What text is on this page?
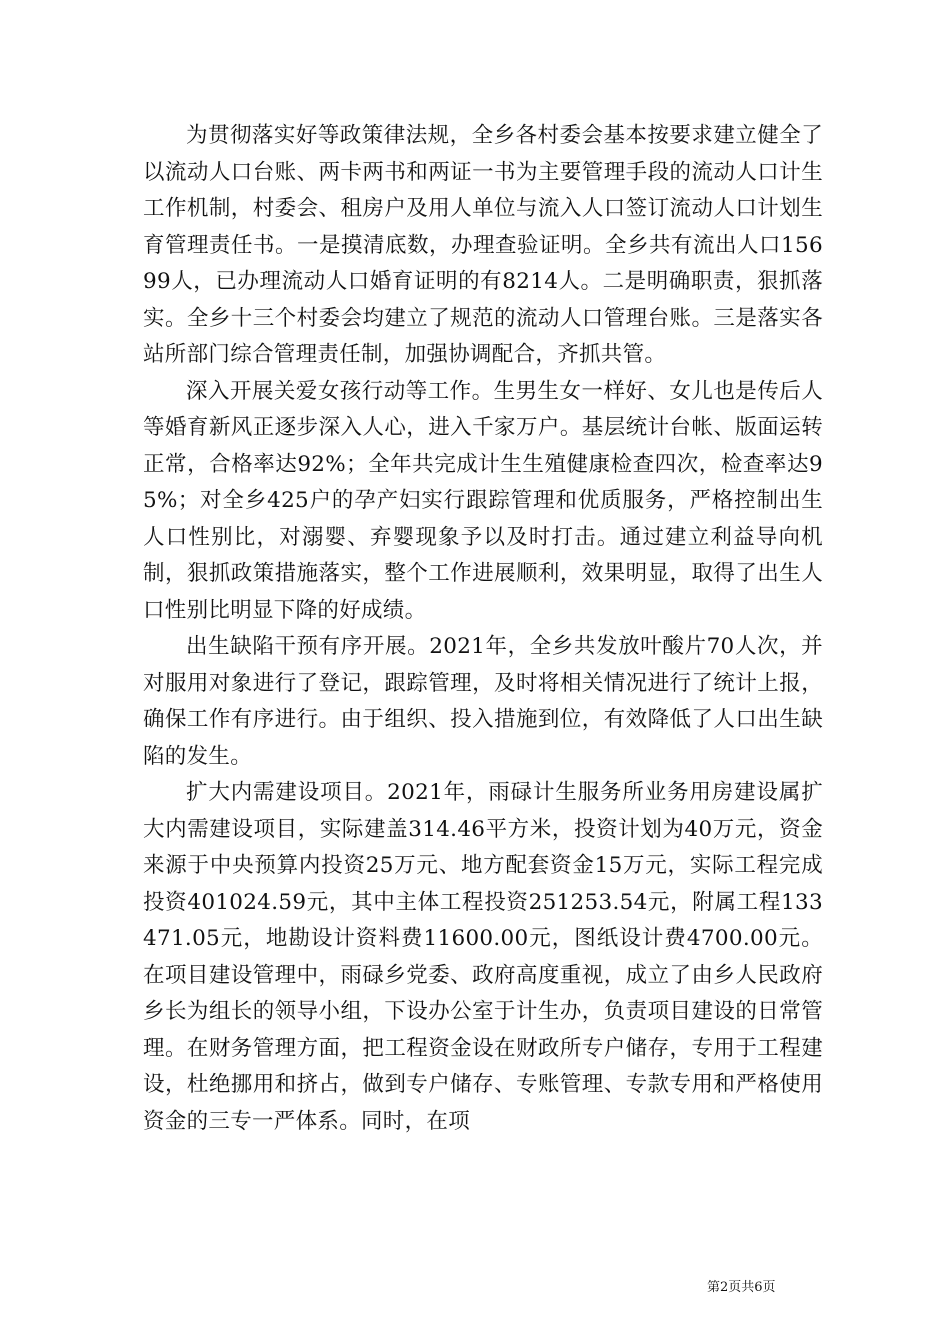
为贯彻落实好等政策律法规，全乡各村委会基本按要求建立健全了以流动人口台账、两卡两书和两证一书为主要管理手段的流动人口计生工作机制，村委会、租房户及用人单位与流入人口签订流动人口计划生育管理责任书。一是摸清底数，办理查验证明。全乡共有流出人口15699人，已办理流动人口婚育证明的有8214人。二是明确职责，狠抓落实。全乡十三个村委会均建立了规范的流动人口管理台账。三是落实各站所部门综合管理责任制，加强协调配合，齐抓共管。

深入开展关爱女孩行动等工作。生男生女一样好、女儿也是传后人等婚育新风正逐步深入人心，进入千家万户。基层统计台帐、版面运转正常，合格率达92%；全年共完成计生生殖健康检查四次，检查率达95%；对全乡425户的孕产妇实行跟踪管理和优质服务，严格控制出生人口性别比，对溺婴、弃婴现象予以及时打击。通过建立利益导向机制，狠抓政策措施落实，整个工作进展顺利，效果明显，取得了出生人口性别比明显下降的好成绩。

出生缺陷干预有序开展。2021年，全乡共发放叶酸片70人次，并对服用对象进行了登记，跟踪管理，及时将相关情况进行了统计上报，确保工作有序进行。由于组织、投入措施到位，有效降低了人口出生缺陷的发生。

扩大内需建设项目。2021年，雨碌计生服务所业务用房建设属扩大内需建设项目，实际建盖314.46平方米，投资计划为40万元，资金来源于中央预算内投资25万元、地方配套资金15万元，实际工程完成投资401024.59元，其中主体工程投资251253.54元，附属工程133471.05元，地勘设计资料费11600.00元，图纸设计费4700.00元。在项目建设管理中，雨碌乡党委、政府高度重视，成立了由乡人民政府乡长为组长的领导小组，下设办公室于计生办，负责项目建设的日常管理。在财务管理方面，把工程资金设在财政所专户储存，专用于工程建设，杜绝挪用和挤占，做到专户储存、专账管理、专款专用和严格使用资金的三专一严体系。同时，在项

第2页共6页
